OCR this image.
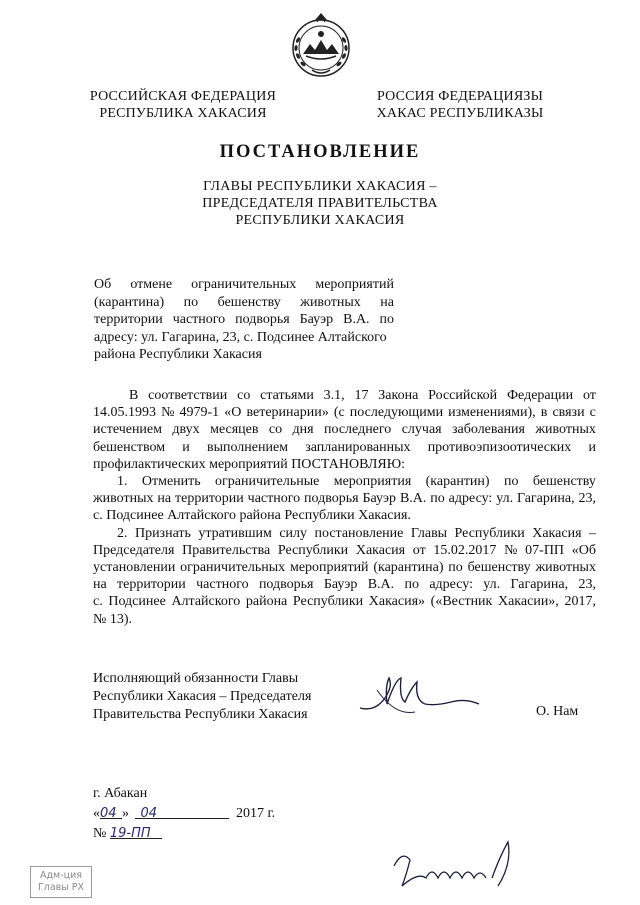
РОССИЙСКАЯ ФЕДЕРАЦИЯ
РЕСПУБЛИКА ХАКАСИЯ
РОССИЯ ФЕДЕРАЦИЯЗЫ
ХАКАС РЕСПУБЛИКАЗЫ
ПОСТАНОВЛЕНИЕ
ГЛАВЫ РЕСПУБЛИКИ ХАКАСИЯ –
ПРЕДСЕДАТЕЛЯ ПРАВИТЕЛЬСТВА
РЕСПУБЛИКИ ХАКАСИЯ
Об отмене ограничительных мероприятий
(карантина) по бешенству животных на
территории частного подворья Бауэр В.А. по
адресу: ул. Гагарина, 23, с. Подсинее Алтайского
района Республики Хакасия
В соответствии со статьями 3.1, 17 Закона Российской Федерации от
14.05.1993 № 4979-1 «О ветеринарии» (с последующими изменениями), в связи с
истечением двух месяцев со дня последнего случая заболевания животных
бешенством и выполнением запланированных противоэпизоотических и
профилактических мероприятий ПОСТАНОВЛЯЮ:
1. Отменить ограничительные мероприятия (карантин) по бешенству
животных на территории частного подворья Бауэр В.А. по адресу: ул. Гагарина, 23,
с. Подсинее Алтайского района Республики Хакасия.
2. Признать утратившим силу постановление Главы Республики Хакасия –
Председателя Правительства Республики Хакасия от 15.02.2017 № 07-ПП «Об
установлении ограничительных мероприятий (карантина) по бешенству животных
на территории частного подворья Бауэр В.А. по адресу: ул. Гагарина, 23,
с. Подсинее Алтайского района Республики Хакасия» («Вестник Хакасии», 2017,
№ 13).
Исполняющий обязанности Главы
Республики Хакасия – Председателя
Правительства Республики Хакасия	О. Нам
г. Абакан
«04 » 04	2017 г.
№ 19-ПП
Адм-ция
Главы РХ
